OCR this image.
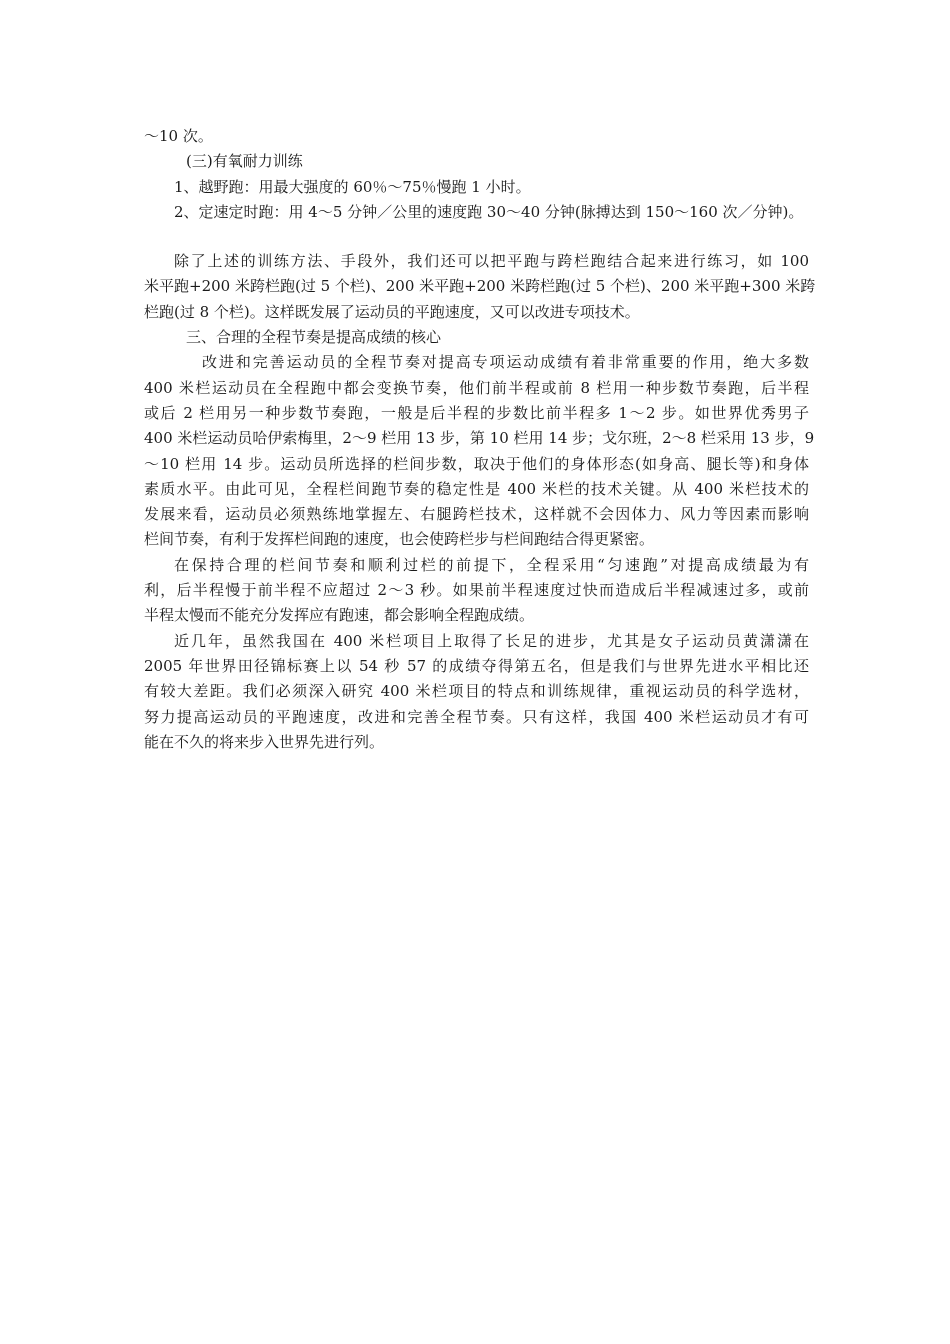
～10 次。

(三)有氧耐力训练

1、越野跑：用最大强度的 60％～75％慢跑 1 小时。

2、定速定时跑：用 4～5 分钟／公里的速度跑 30～40 分钟(脉搏达到 150～160 次／分钟)。

除了上述的训练方法、手段外，我们还可以把平跑与跨栏跑结合起来进行练习，如 100

米平跑+200 米跨栏跑(过 5 个栏)、200 米平跑+200 米跨栏跑(过 5 个栏)、200 米平跑+300 米跨

栏跑(过 8 个栏)。这样既发展了运动员的平跑速度，又可以改进专项技术。

三、合理的全程节奏是提高成绩的核心

改进和完善运动员的全程节奏对提高专项运动成绩有着非常重要的作用，绝大多数

400 米栏运动员在全程跑中都会变换节奏，他们前半程或前 8 栏用一种步数节奏跑，后半程

或后 2 栏用另一种步数节奏跑，一般是后半程的步数比前半程多 1～2 步。如世界优秀男子

400 米栏运动员哈伊索梅里，2～9 栏用 13 步，第 10 栏用 14 步；戈尔班，2～8 栏采用 13 步，9

～10 栏用 14 步。运动员所选择的栏间步数，取决于他们的身体形态(如身高、腿长等)和身体

素质水平。由此可见，全程栏间跑节奏的稳定性是 400 米栏的技术关键。从 400 米栏技术的

发展来看，运动员必须熟练地掌握左、右腿跨栏技术，这样就不会因体力、风力等因素而影响

栏间节奏，有利于发挥栏间跑的速度，也会使跨栏步与栏间跑结合得更紧密。

在保持合理的栏间节奏和顺利过栏的前提下，全程采用“匀速跑”对提高成绩最为有

利，后半程慢于前半程不应超过 2～3 秒。如果前半程速度过快而造成后半程减速过多，或前

半程太慢而不能充分发挥应有跑速，都会影响全程跑成绩。

近几年，虽然我国在 400 米栏项目上取得了长足的进步，尤其是女子运动员黄潇潇在

2005 年世界田径锦标赛上以 54 秒 57 的成绩夺得第五名，但是我们与世界先进水平相比还

有较大差距。我们必须深入研究 400 米栏项目的特点和训练规律，重视运动员的科学选材，

努力提高运动员的平跑速度，改进和完善全程节奏。只有这样，我国 400 米栏运动员才有可

能在不久的将来步入世界先进行列。
